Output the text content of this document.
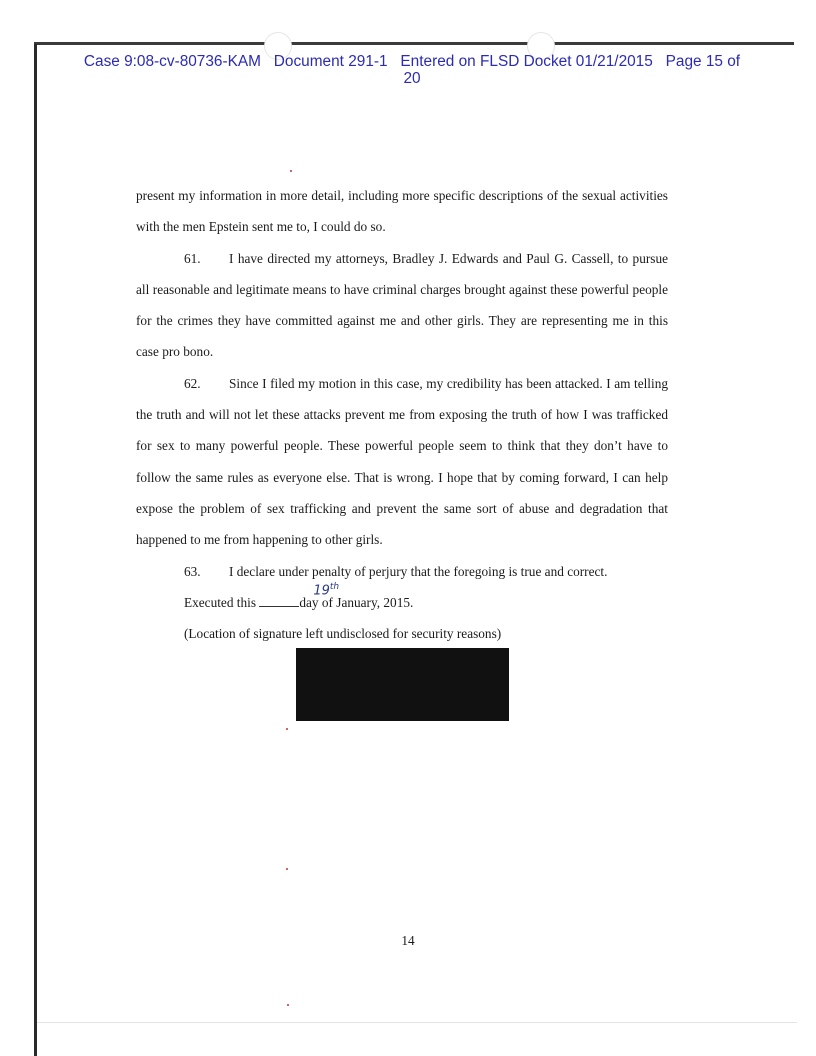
Case 9:08-cv-80736-KAM   Document 291-1   Entered on FLSD Docket 01/21/2015   Page 15 of
20

present my information in more detail, including more specific descriptions of the sexual activities with the men Epstein sent me to, I could do so.

61. I have directed my attorneys, Bradley J. Edwards and Paul G. Cassell, to pursue all reasonable and legitimate means to have criminal charges brought against these powerful people for the crimes they have committed against me and other girls. They are representing me in this case pro bono.

62. Since I filed my motion in this case, my credibility has been attacked. I am telling the truth and will not let these attacks prevent me from exposing the truth of how I was trafficked for sex to many powerful people. These powerful people seem to think that they don’t have to follow the same rules as everyone else. That is wrong. I hope that by coming forward, I can help expose the problem of sex trafficking and prevent the same sort of abuse and degradation that happened to me from happening to other girls.

63. I declare under penalty of perjury that the foregoing is true and correct.

Executed this
19th
day of January, 2015.

(Location of signature left undisclosed for security reasons)

14
